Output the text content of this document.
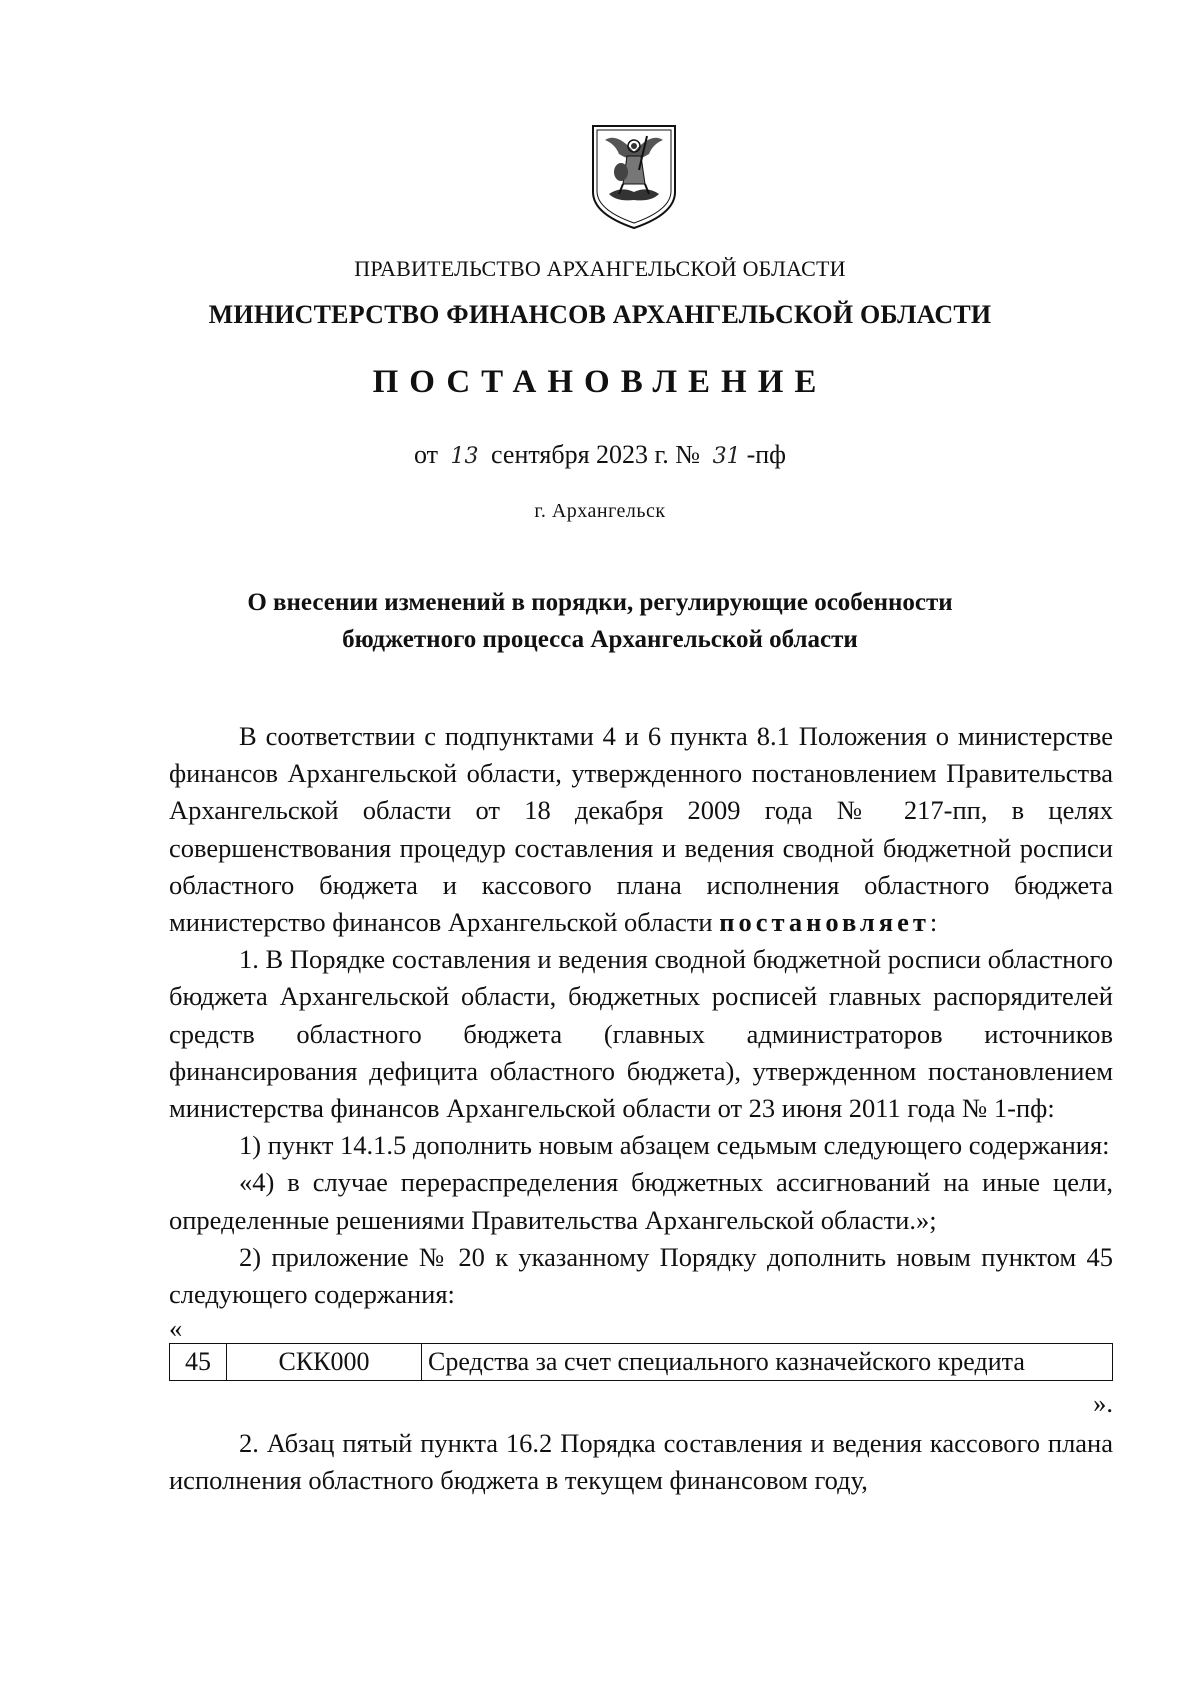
ПРАВИТЕЛЬСТВО АРХАНГЕЛЬСКОЙ ОБЛАСТИ
МИНИСТЕРСТВО ФИНАНСОВ АРХАНГЕЛЬСКОЙ ОБЛАСТИ
ПОСТАНОВЛЕНИЕ
от 13 сентября 2023 г. № 31 -пф
г. Архангельск
О внесении изменений в порядки, регулирующие особенности
бюджетного процесса Архангельской области

В соответствии с подпунктами 4 и 6 пункта 8.1 Положения о министерстве финансов Архангельской области, утвержденного постановлением Правительства Архангельской области от 18 декабря 2009 года № 217-пп, в целях совершенствования процедур составления и ведения сводной бюджетной росписи областного бюджета и кассового плана исполнения областного бюджета министерство финансов Архангельской области постановляет:

1. В Порядке составления и ведения сводной бюджетной росписи областного бюджета Архангельской области, бюджетных росписей главных распорядителей средств областного бюджета (главных администраторов источников финансирования дефицита областного бюджета), утвержденном постановлением министерства финансов Архангельской области от 23 июня 2011 года № 1-пф:

1) пункт 14.1.5 дополнить новым абзацем седьмым следующего содержания:

«4) в случае перераспределения бюджетных ассигнований на иные цели, определенные решениями Правительства Архангельской области.»;

2) приложение № 20 к указанному Порядку дополнить новым пунктом 45 следующего содержания:

«

45	СКК000	Средства за счет специального казначейского кредита

».

2. Абзац пятый пункта 16.2 Порядка составления и ведения кассового плана исполнения областного бюджета в текущем финансовом году,
